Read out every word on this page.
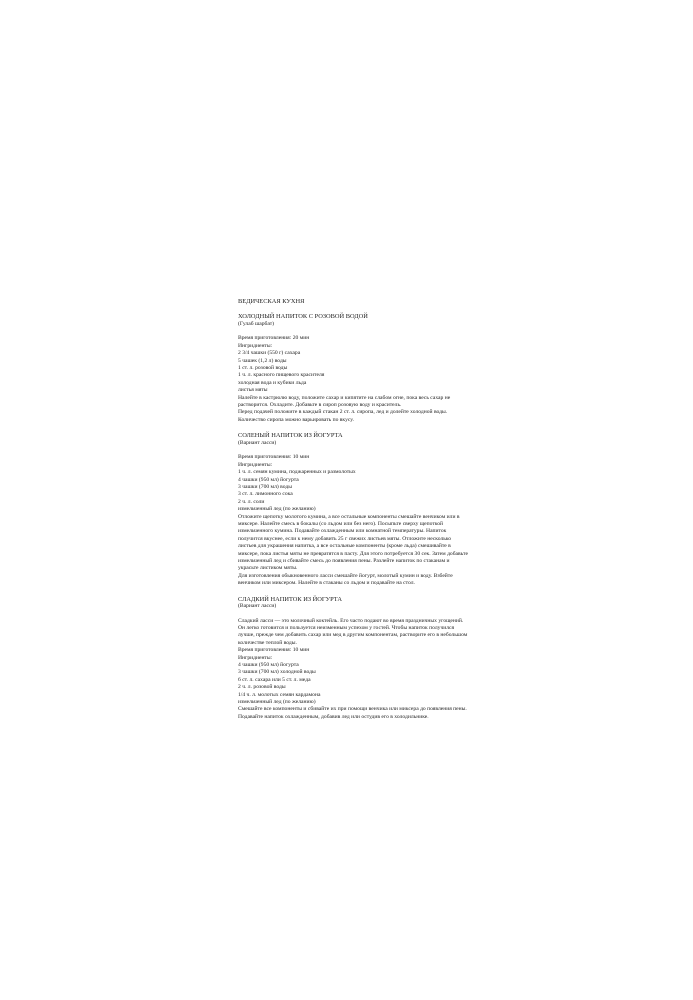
ВЕДИЧЕСКАЯ КУХНЯ
ХОЛОДНЫЙ НАПИТОК С РОЗОВОЙ ВОДОЙ
(Гулаб шарбат)
Время приготовления: 20 мин
Ингридиенты:
2 3/4 чашки (550 г) сахара
5 чашек (1,2 л) воды
1 ст. л. розовой воды
1 ч. л. красного пищевого красителя
холодная вода и кубики льда
листья мяты
Налейте в кастрюлю воду, положите сахар и кипятите на слабом огне, пока весь сахар не растворится. Охладите. Добавьте в сироп розовую воду и краситель.
Перед подачей положите в каждый стакан 2 ст. л. сиропа, лед и долейте холодной воды. Количество сиропа можно варьировать по вкусу.
СОЛЕНЫЙ НАПИТОК ИЗ ЙОГУРТА
(Вариант ласси)
Время приготовления: 10 мин
Ингридиенты:
1 ч. л. семян кумина, поджаренных и размолотых
4 чашки (950 мл) йогурта
3 чашки (700 мл) воды
3 ст. л. лимонного сока
2 ч. л. соли
измельченный лед (по желанию)
Отложите щепотку молотого кумина, а все остальные компоненты смешайте венчиком или в миксере. Налейте смесь в бокалы (со льдом или без него). Посыпьте сверху щепоткой измельченного кумина. Подавайте охлажденным или комнатной температуры. Напиток получится вкуснее, если к нему добавить 25 г свежих листьев мяты. Отложите несколько листьев для украшения напитка, а все остальные компоненты (кроме льда) смешивайте в миксере, пока листья мяты не превратятся в пасту. Для этого потребуется 30 сек. Затем добавьте измельченный лед и сбивайте смесь до появления пены. Разлейте напиток по стаканам и украсьте листиком мяты.
Для изготовления обыкновенного ласси смешайте йогурт, молотый кумин и воду. Взбейте венчиком или миксером. Налейте в стаканы со льдом и подавайте на стол.
СЛАДКИЙ НАПИТОК ИЗ ЙОГУРТА
(Вариант ласси)
Сладкий ласси — это молочный коктейль. Его часто подают во время праздничных угощений. Он легко готовится и пользуется неизменным успехом у гостей. Чтобы напиток получился лучше, прежде чем добавить сахар или мед в другим компонентам, растворите его в небольшом количестве теплой воды.
Время приготовления: 10 мин
Ингридиенты:
4 чашки (950 мл) йогурта
3 чашки (700 мл) холодной воды
6 ст. л. сахара или 5 ст. л. меда
2 ч. л. розовой воды
1/4 ч. л. молотых семян кардамона
измельченный лед (по желанию)
Смешайте все компоненты и сбивайте их при помощи венчика или миксера до появления пены. Подавайте напиток охлажденным, добавив лед или остудив его в холодильнике.
